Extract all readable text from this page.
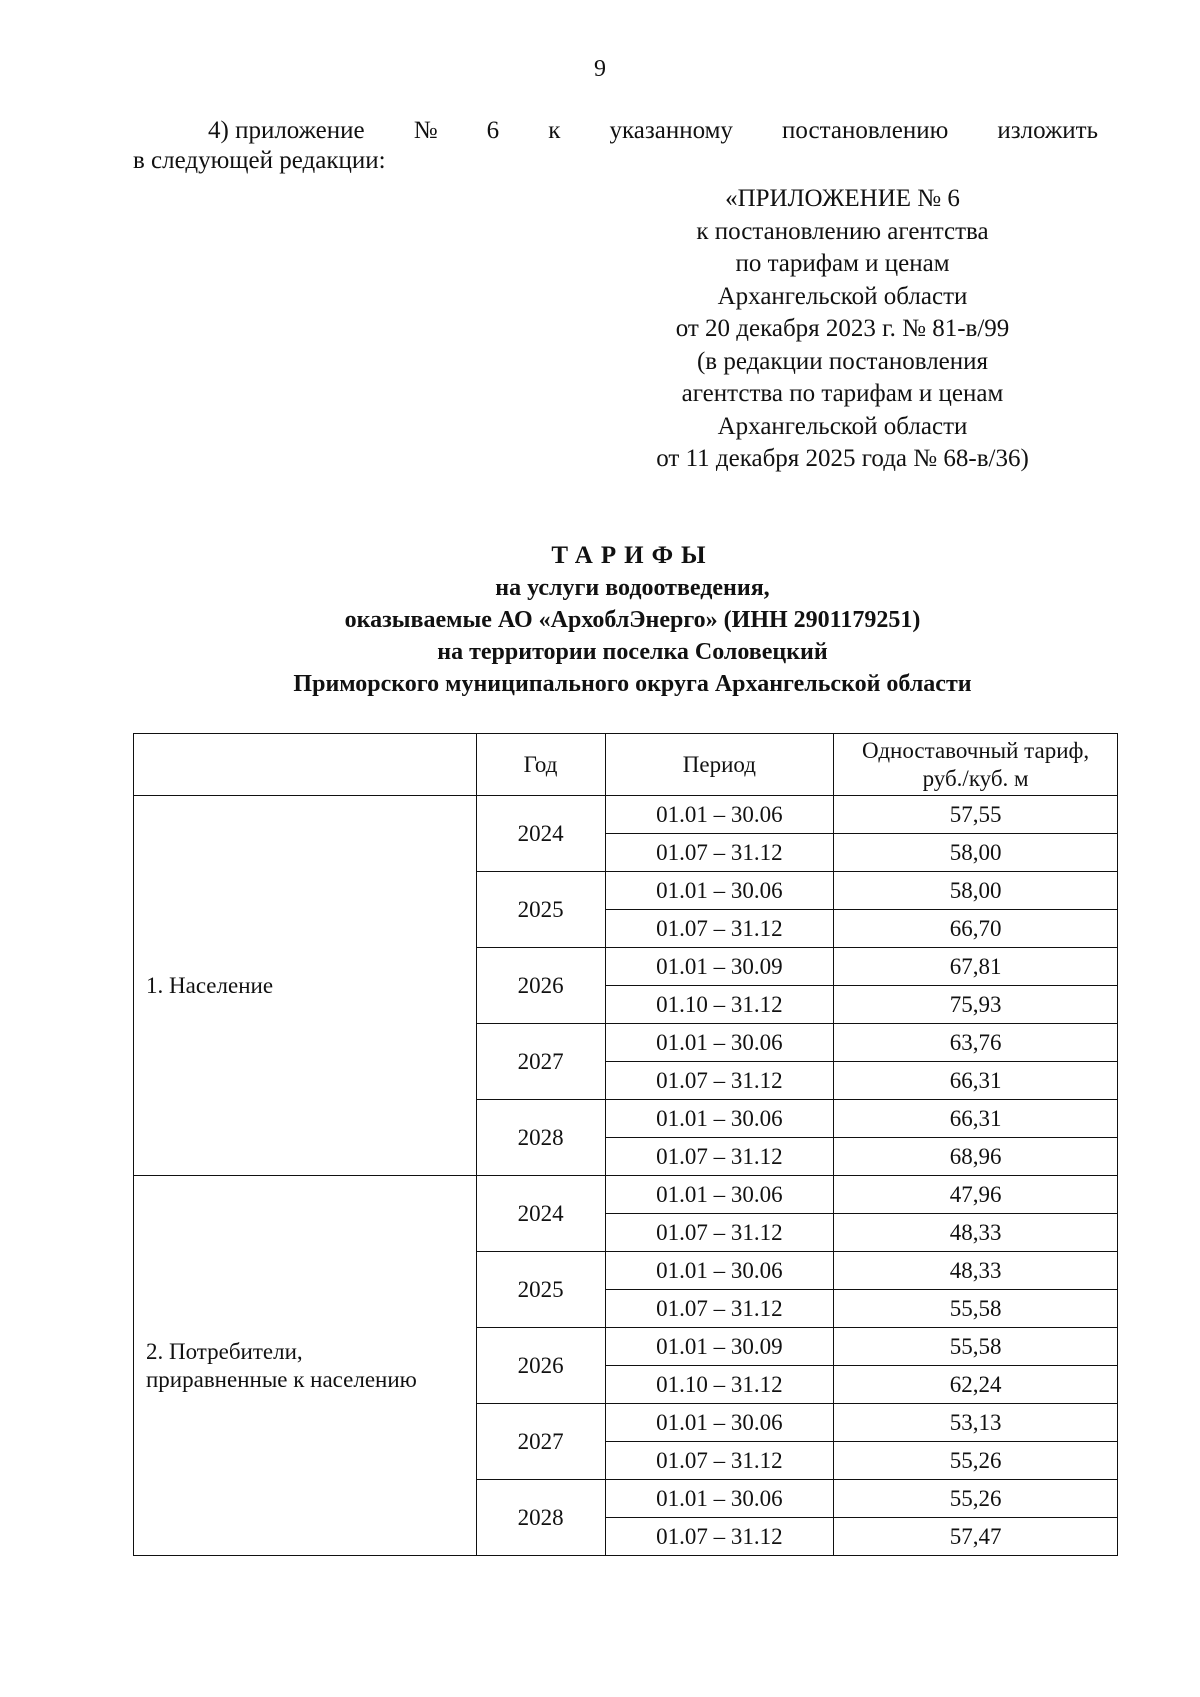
9
4) приложение № 6 к указанному постановлению изложить
в следующей редакции:
«ПРИЛОЖЕНИЕ № 6
к постановлению агентства
по тарифам и ценам
Архангельской области
от 20 декабря 2023 г. № 81-в/99
(в редакции постановления
агентства по тарифам и ценам
Архангельской области
от 11 декабря 2025 года № 68-в/36)
ТАРИФЫ
на услуги водоотведения,
оказываемые АО «АрхоблЭнерго» (ИНН 2901179251)
на территории поселка Соловецкий
Приморского муниципального округа Архангельской области
	Год	Период	Одноставочный тариф,
руб./куб. м

1. Население	2024	01.01 – 30.06	57,55
		01.07 – 31.12	58,00
	2025	01.01 – 30.06	58,00
		01.07 – 31.12	66,70
	2026	01.01 – 30.09	67,81
		01.10 – 31.12	75,93
	2027	01.01 – 30.06	63,76
		01.07 – 31.12	66,31
	2028	01.01 – 30.06	66,31
		01.07 – 31.12	68,96

2. Потребители,
приравненные к населению	2024	01.01 – 30.06	47,96
		01.07 – 31.12	48,33
	2025	01.01 – 30.06	48,33
		01.07 – 31.12	55,58
	2026	01.01 – 30.09	55,58
		01.10 – 31.12	62,24
	2027	01.01 – 30.06	53,13
		01.07 – 31.12	55,26
	2028	01.01 – 30.06	55,26
		01.07 – 31.12	57,47
